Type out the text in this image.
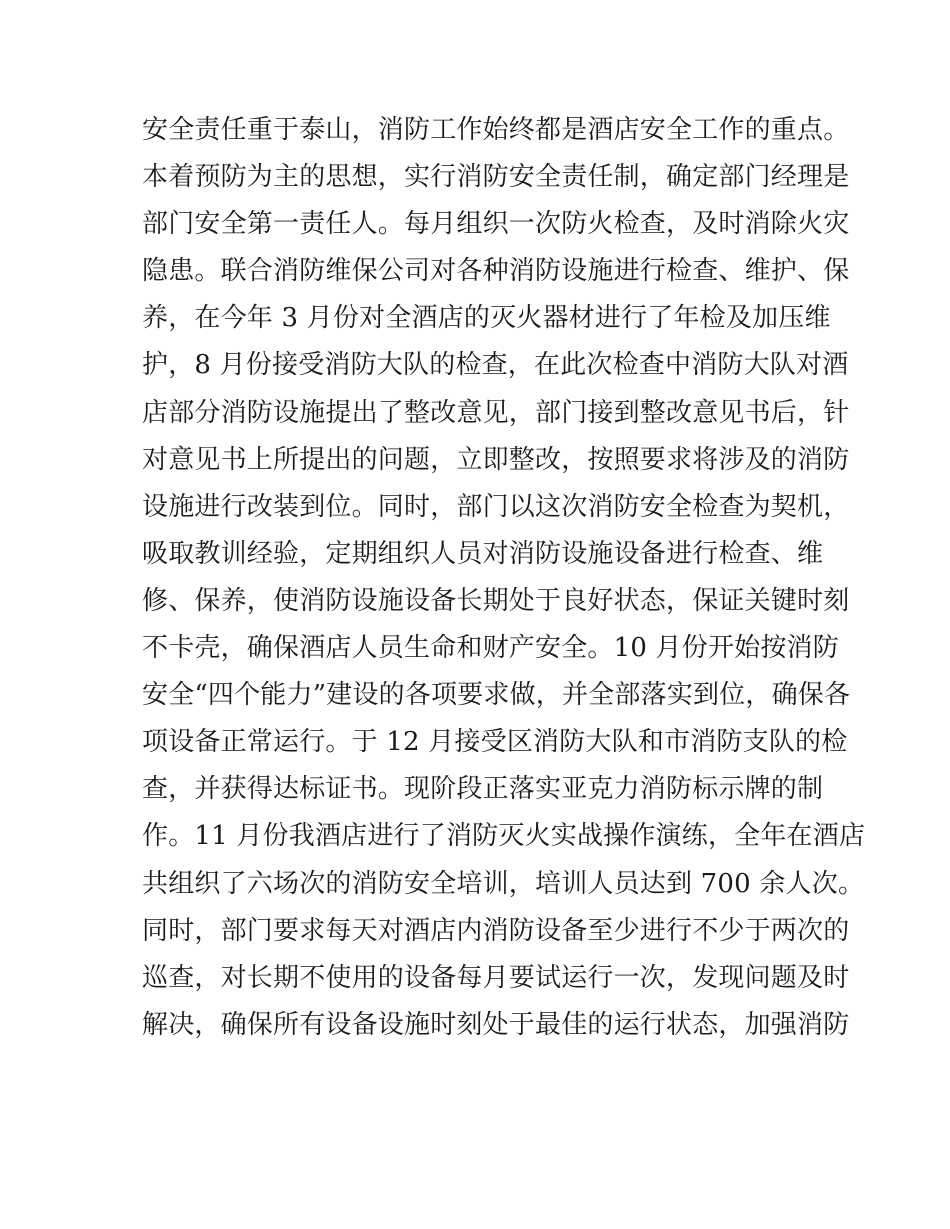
安全责任重于泰山，消防工作始终都是酒店安全工作的重点。
本着预防为主的思想，实行消防安全责任制，确定部门经理是
部门安全第一责任人。每月组织一次防火检查，及时消除火灾
隐患。联合消防维保公司对各种消防设施进行检查、维护、保
养，在今年 3 月份对全酒店的灭火器材进行了年检及加压维
护，8 月份接受消防大队的检查，在此次检查中消防大队对酒
店部分消防设施提出了整改意见，部门接到整改意见书后，针
对意见书上所提出的问题，立即整改，按照要求将涉及的消防
设施进行改装到位。同时，部门以这次消防安全检查为契机，
吸取教训经验，定期组织人员对消防设施设备进行检查、维
修、保养，使消防设施设备长期处于良好状态，保证关键时刻
不卡壳，确保酒店人员生命和财产安全。10 月份开始按消防
安全“四个能力”建设的各项要求做，并全部落实到位，确保各
项设备正常运行。于 12 月接受区消防大队和市消防支队的检
查，并获得达标证书。现阶段正落实亚克力消防标示牌的制
作。11 月份我酒店进行了消防灭火实战操作演练，全年在酒店
共组织了六场次的消防安全培训，培训人员达到 700 余人次。
同时，部门要求每天对酒店内消防设备至少进行不少于两次的
巡查，对长期不使用的设备每月要试运行一次，发现问题及时
解决，确保所有设备设施时刻处于最佳的运行状态，加强消防
